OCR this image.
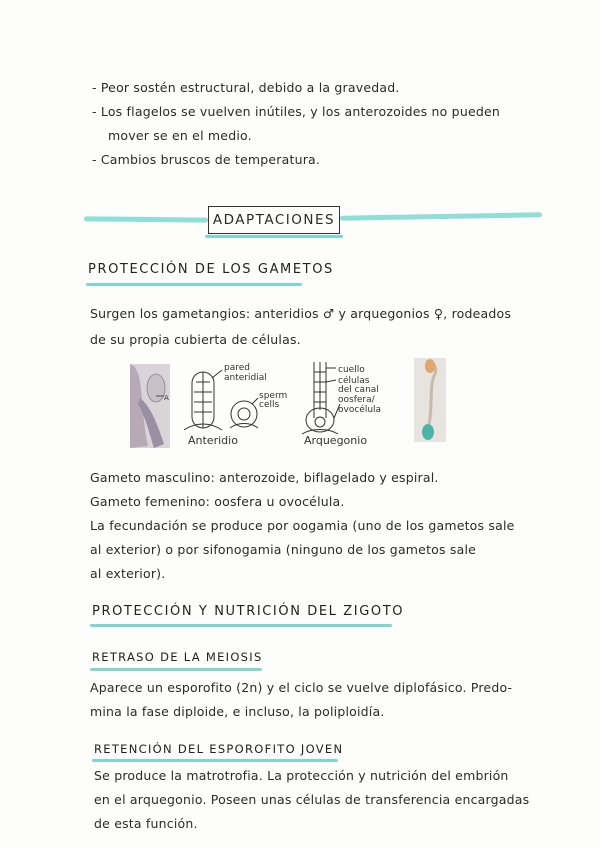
- Peor sostén estructural, debido a la gravedad.
- Los flagelos se vuelven inútiles, y los anterozoides no pueden
mover se en el medio.
- Cambios bruscos de temperatura.
ADAPTACIONES
PROTECCIÓN DE LOS GAMETOS
Surgen los gametangios: anteridios ♂ y arquegonios ♀, rodeados
de su propia cubierta de células.
A
pared
anteridial
sperm
cells
Anteridio
cuello
células
del canal
oosfera/
ovocélula
Arquegonio
Gameto masculino: anterozoide, biflagelado y espiral.
Gameto femenino: oosfera u ovocélula.
La fecundación se produce por oogamia (uno de los gametos sale
al exterior) o por sifonogamia (ninguno de los gametos sale
al exterior).
PROTECCIÓN Y NUTRICIÓN DEL ZIGOTO
RETRASO DE LA MEIOSIS
Aparece un esporofito (2n) y el ciclo se vuelve diplofásico. Predo-
mina la fase diploide, e incluso, la poliploidía.
RETENCIÓN DEL ESPOROFITO JOVEN
Se produce la matrotrofia. La protección y nutrición del embrión
en el arquegonio. Poseen unas células de transferencia encargadas
de esta función.
